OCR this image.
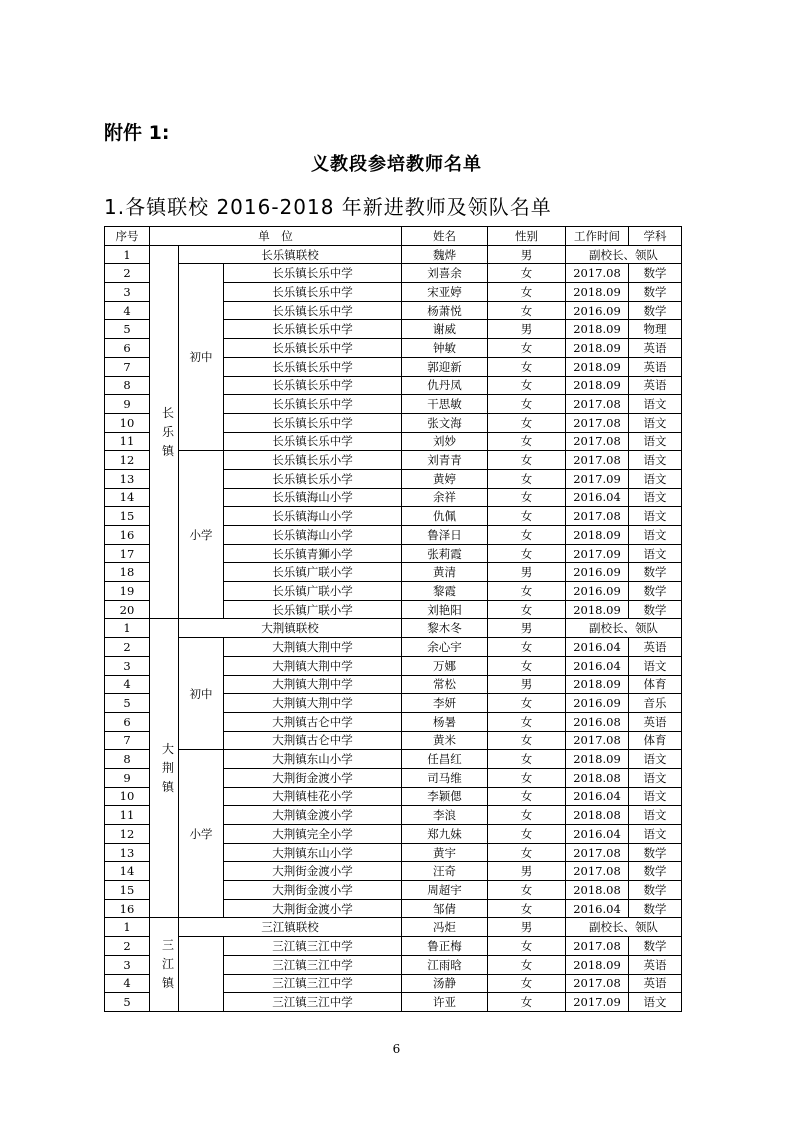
附件 1:
义教段参培教师名单
1.各镇联校 2016-2018 年新进教师及领队名单
序号	单　位			姓名	性别	工作时间	学科
1	长乐镇	长乐镇联校		魏烨	男	副校长、领队	
2		初中	长乐镇长乐中学	刘喜余	女	2017.08	数学
3			长乐镇长乐中学	宋亚婷	女	2018.09	数学
4			长乐镇长乐中学	杨萧悦	女	2016.09	数学
5			长乐镇长乐中学	谢威	男	2018.09	物理
6			长乐镇长乐中学	钟敏	女	2018.09	英语
7			长乐镇长乐中学	郭迎新	女	2018.09	英语
8			长乐镇长乐中学	仇丹凤	女	2018.09	英语
9			长乐镇长乐中学	干思敏	女	2017.08	语文
10			长乐镇长乐中学	张文海	女	2017.08	语文
11			长乐镇长乐中学	刘妙	女	2017.08	语文
12		小学	长乐镇长乐小学	刘青青	女	2017.08	语文
13			长乐镇长乐小学	黄婷	女	2017.09	语文
14			长乐镇海山小学	余祥	女	2016.04	语文
15			长乐镇海山小学	仇佩	女	2017.08	语文
16			长乐镇海山小学	鲁泽日	女	2018.09	语文
17			长乐镇青狮小学	张莉霞	女	2017.09	语文
18			长乐镇广联小学	黄清	男	2016.09	数学
19			长乐镇广联小学	黎霞	女	2016.09	数学
20			长乐镇广联小学	刘艳阳	女	2018.09	数学
1	大荆镇	大荆镇联校		黎木冬	男	副校长、领队	
2		初中	大荆镇大荆中学	余心宇	女	2016.04	英语
3			大荆镇大荆中学	万娜	女	2016.04	语文
4			大荆镇大荆中学	常松	男	2018.09	体育
5			大荆镇大荆中学	李妍	女	2016.09	音乐
6			大荆镇古仑中学	杨暑	女	2016.08	英语
7			大荆镇古仑中学	黄米	女	2017.08	体育
8		小学	大荆镇东山小学	任昌红	女	2018.09	语文
9			大荆街金渡小学	司马维	女	2018.08	语文
10			大荆镇桂花小学	李颖偲	女	2016.04	语文
11			大荆镇金渡小学	李浪	女	2018.08	语文
12			大荆镇完全小学	郑九妹	女	2016.04	语文
13			大荆镇东山小学	黄宇	女	2017.08	数学
14			大荆街金渡小学	汪奇	男	2017.08	数学
15			大荆街金渡小学	周超宇	女	2018.08	数学
16			大荆街金渡小学	邹倩	女	2016.04	数学
1	三江镇	三江镇联校		冯炬	男	副校长、领队	
2			三江镇三江中学	鲁正梅	女	2017.08	数学
3			三江镇三江中学	江雨晗	女	2018.09	英语
4			三江镇三江中学	汤静	女	2017.08	英语
5			三江镇三江中学	许亚	女	2017.09	语文
6
